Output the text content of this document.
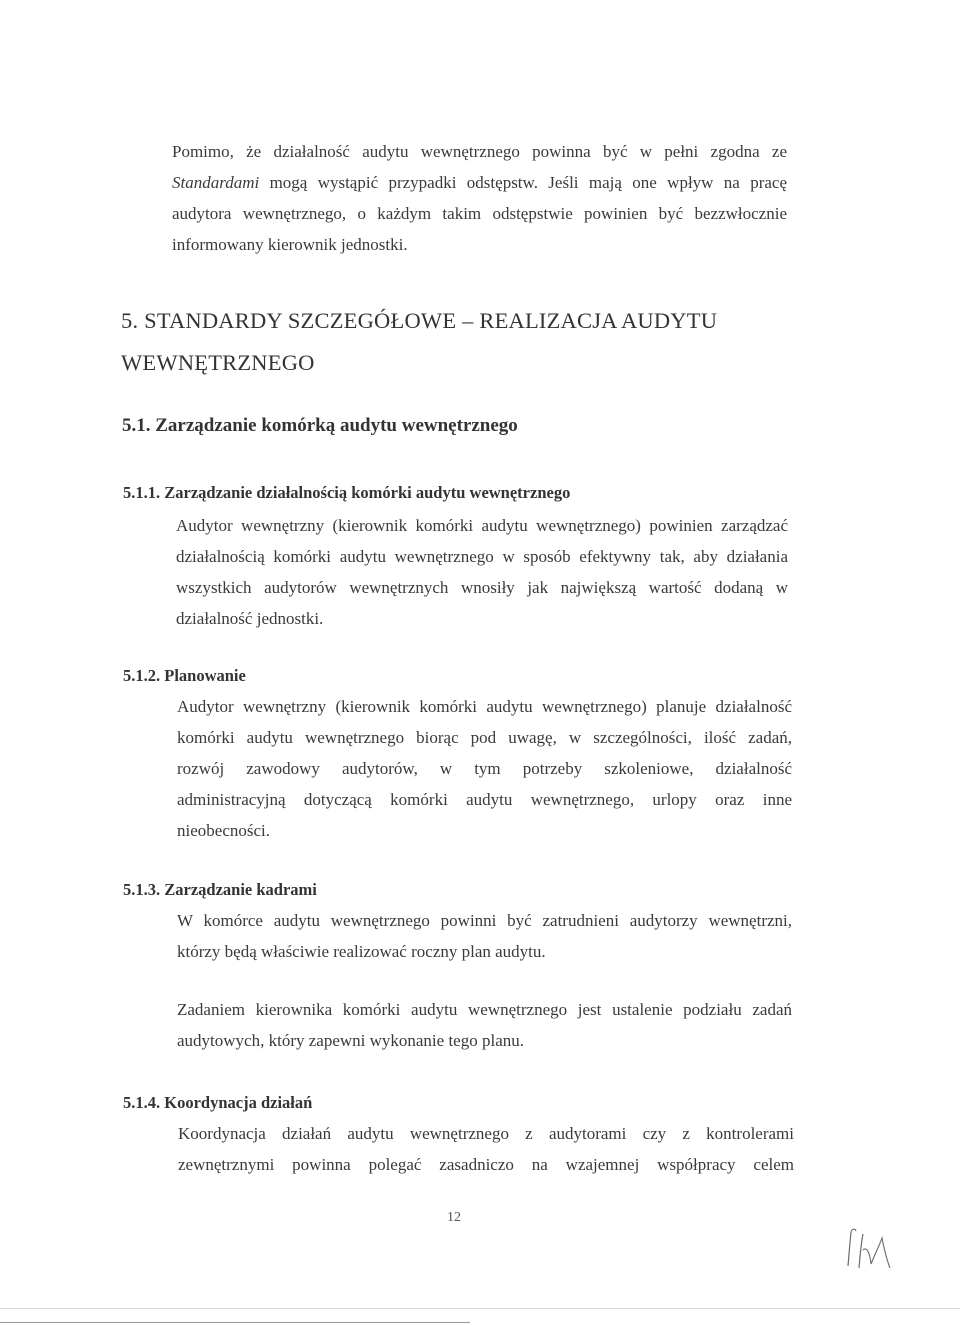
Pomimo, że działalność audytu wewnętrznego powinna być w pełni zgodna ze
Standardami mogą wystąpić przypadki odstępstw. Jeśli mają one wpływ na pracę
audytora wewnętrznego, o każdym takim odstępstwie powinien być bezzwłocznie
informowany kierownik jednostki.
5. STANDARDY SZCZEGÓŁOWE – REALIZACJA AUDYTU
WEWNĘTRZNEGO
5.1. Zarządzanie komórką audytu wewnętrznego
5.1.1. Zarządzanie działalnością komórki audytu wewnętrznego
Audytor wewnętrzny (kierownik komórki audytu wewnętrznego) powinien zarządzać
działalnością komórki audytu wewnętrznego w sposób efektywny tak, aby działania
wszystkich audytorów wewnętrznych wnosiły jak największą wartość dodaną w
działalność jednostki.
5.1.2. Planowanie
Audytor wewnętrzny (kierownik komórki audytu wewnętrznego) planuje działalność
komórki audytu wewnętrznego biorąc pod uwagę, w szczególności, ilość zadań,
rozwój zawodowy audytorów, w tym potrzeby szkoleniowe, działalność
administracyjną dotyczącą komórki audytu wewnętrznego, urlopy oraz inne
nieobecności.
5.1.3. Zarządzanie kadrami
W komórce audytu wewnętrznego powinni być zatrudnieni audytorzy wewnętrzni,
którzy będą właściwie realizować roczny plan audytu.
Zadaniem kierownika komórki audytu wewnętrznego jest ustalenie podziału zadań
audytowych, który zapewni wykonanie tego planu.
5.1.4. Koordynacja działań
Koordynacja działań audytu wewnętrznego z audytorami czy z kontrolerami
zewnętrznymi powinna polegać zasadniczo na wzajemnej współpracy celem
12
